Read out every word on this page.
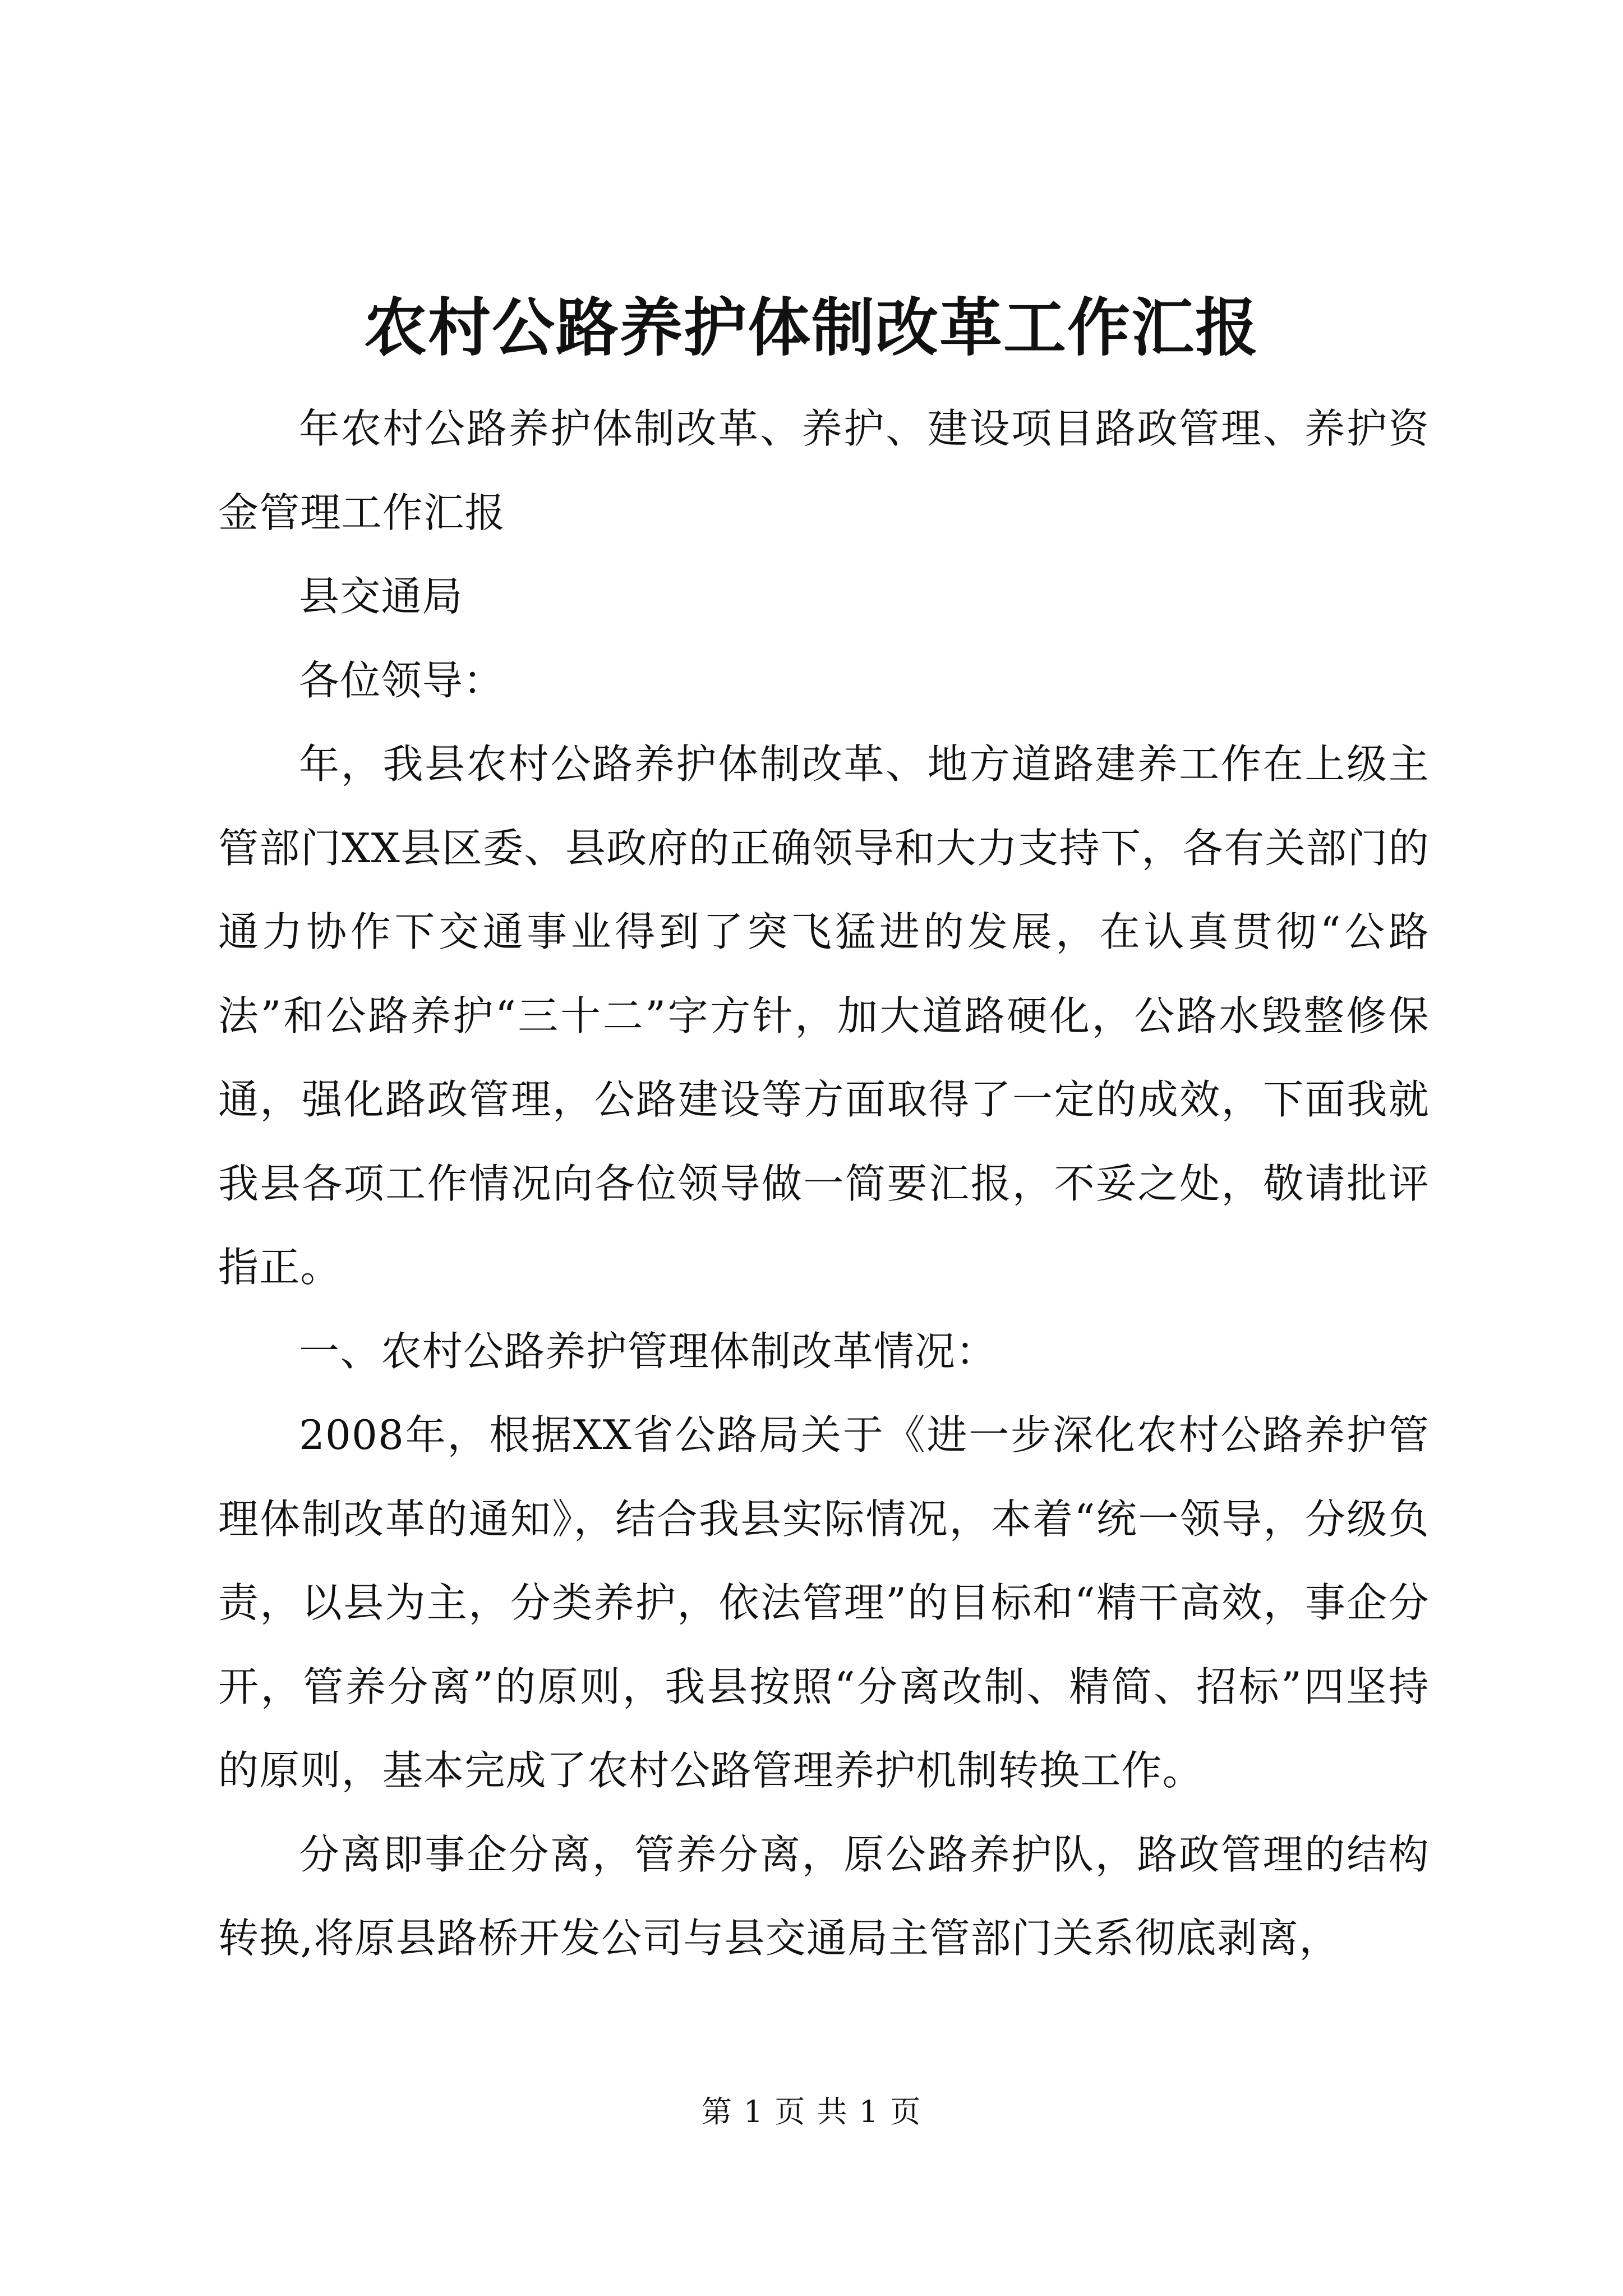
农村公路养护体制改革工作汇报

年农村公路养护体制改革、养护、建设项目路政管理、养护资金管理工作汇报

县交通局

各位领导：

年，我县农村公路养护体制改革、地方道路建养工作在上级主管部门XX县区委、县政府的正确领导和大力支持下，各有关部门的通力协作下交通事业得到了突飞猛进的发展，在认真贯彻“公路法”和公路养护“三十二”字方针，加大道路硬化，公路水毁整修保通，强化路政管理，公路建设等方面取得了一定的成效，下面我就我县各项工作情况向各位领导做一简要汇报，不妥之处，敬请批评指正。

一、农村公路养护管理体制改革情况：

2008年，根据XX省公路局关于《进一步深化农村公路养护管理体制改革的通知》，结合我县实际情况，本着“统一领导，分级负责，以县为主，分类养护，依法管理”的目标和“精干高效，事企分开，管养分离”的原则，我县按照“分离改制、精简、招标”四坚持的原则，基本完成了农村公路管理养护机制转换工作。

分离即事企分离，管养分离，原公路养护队，路政管理的结构转换,将原县路桥开发公司与县交通局主管部门关系彻底剥离，

第 1 页 共 1 页
